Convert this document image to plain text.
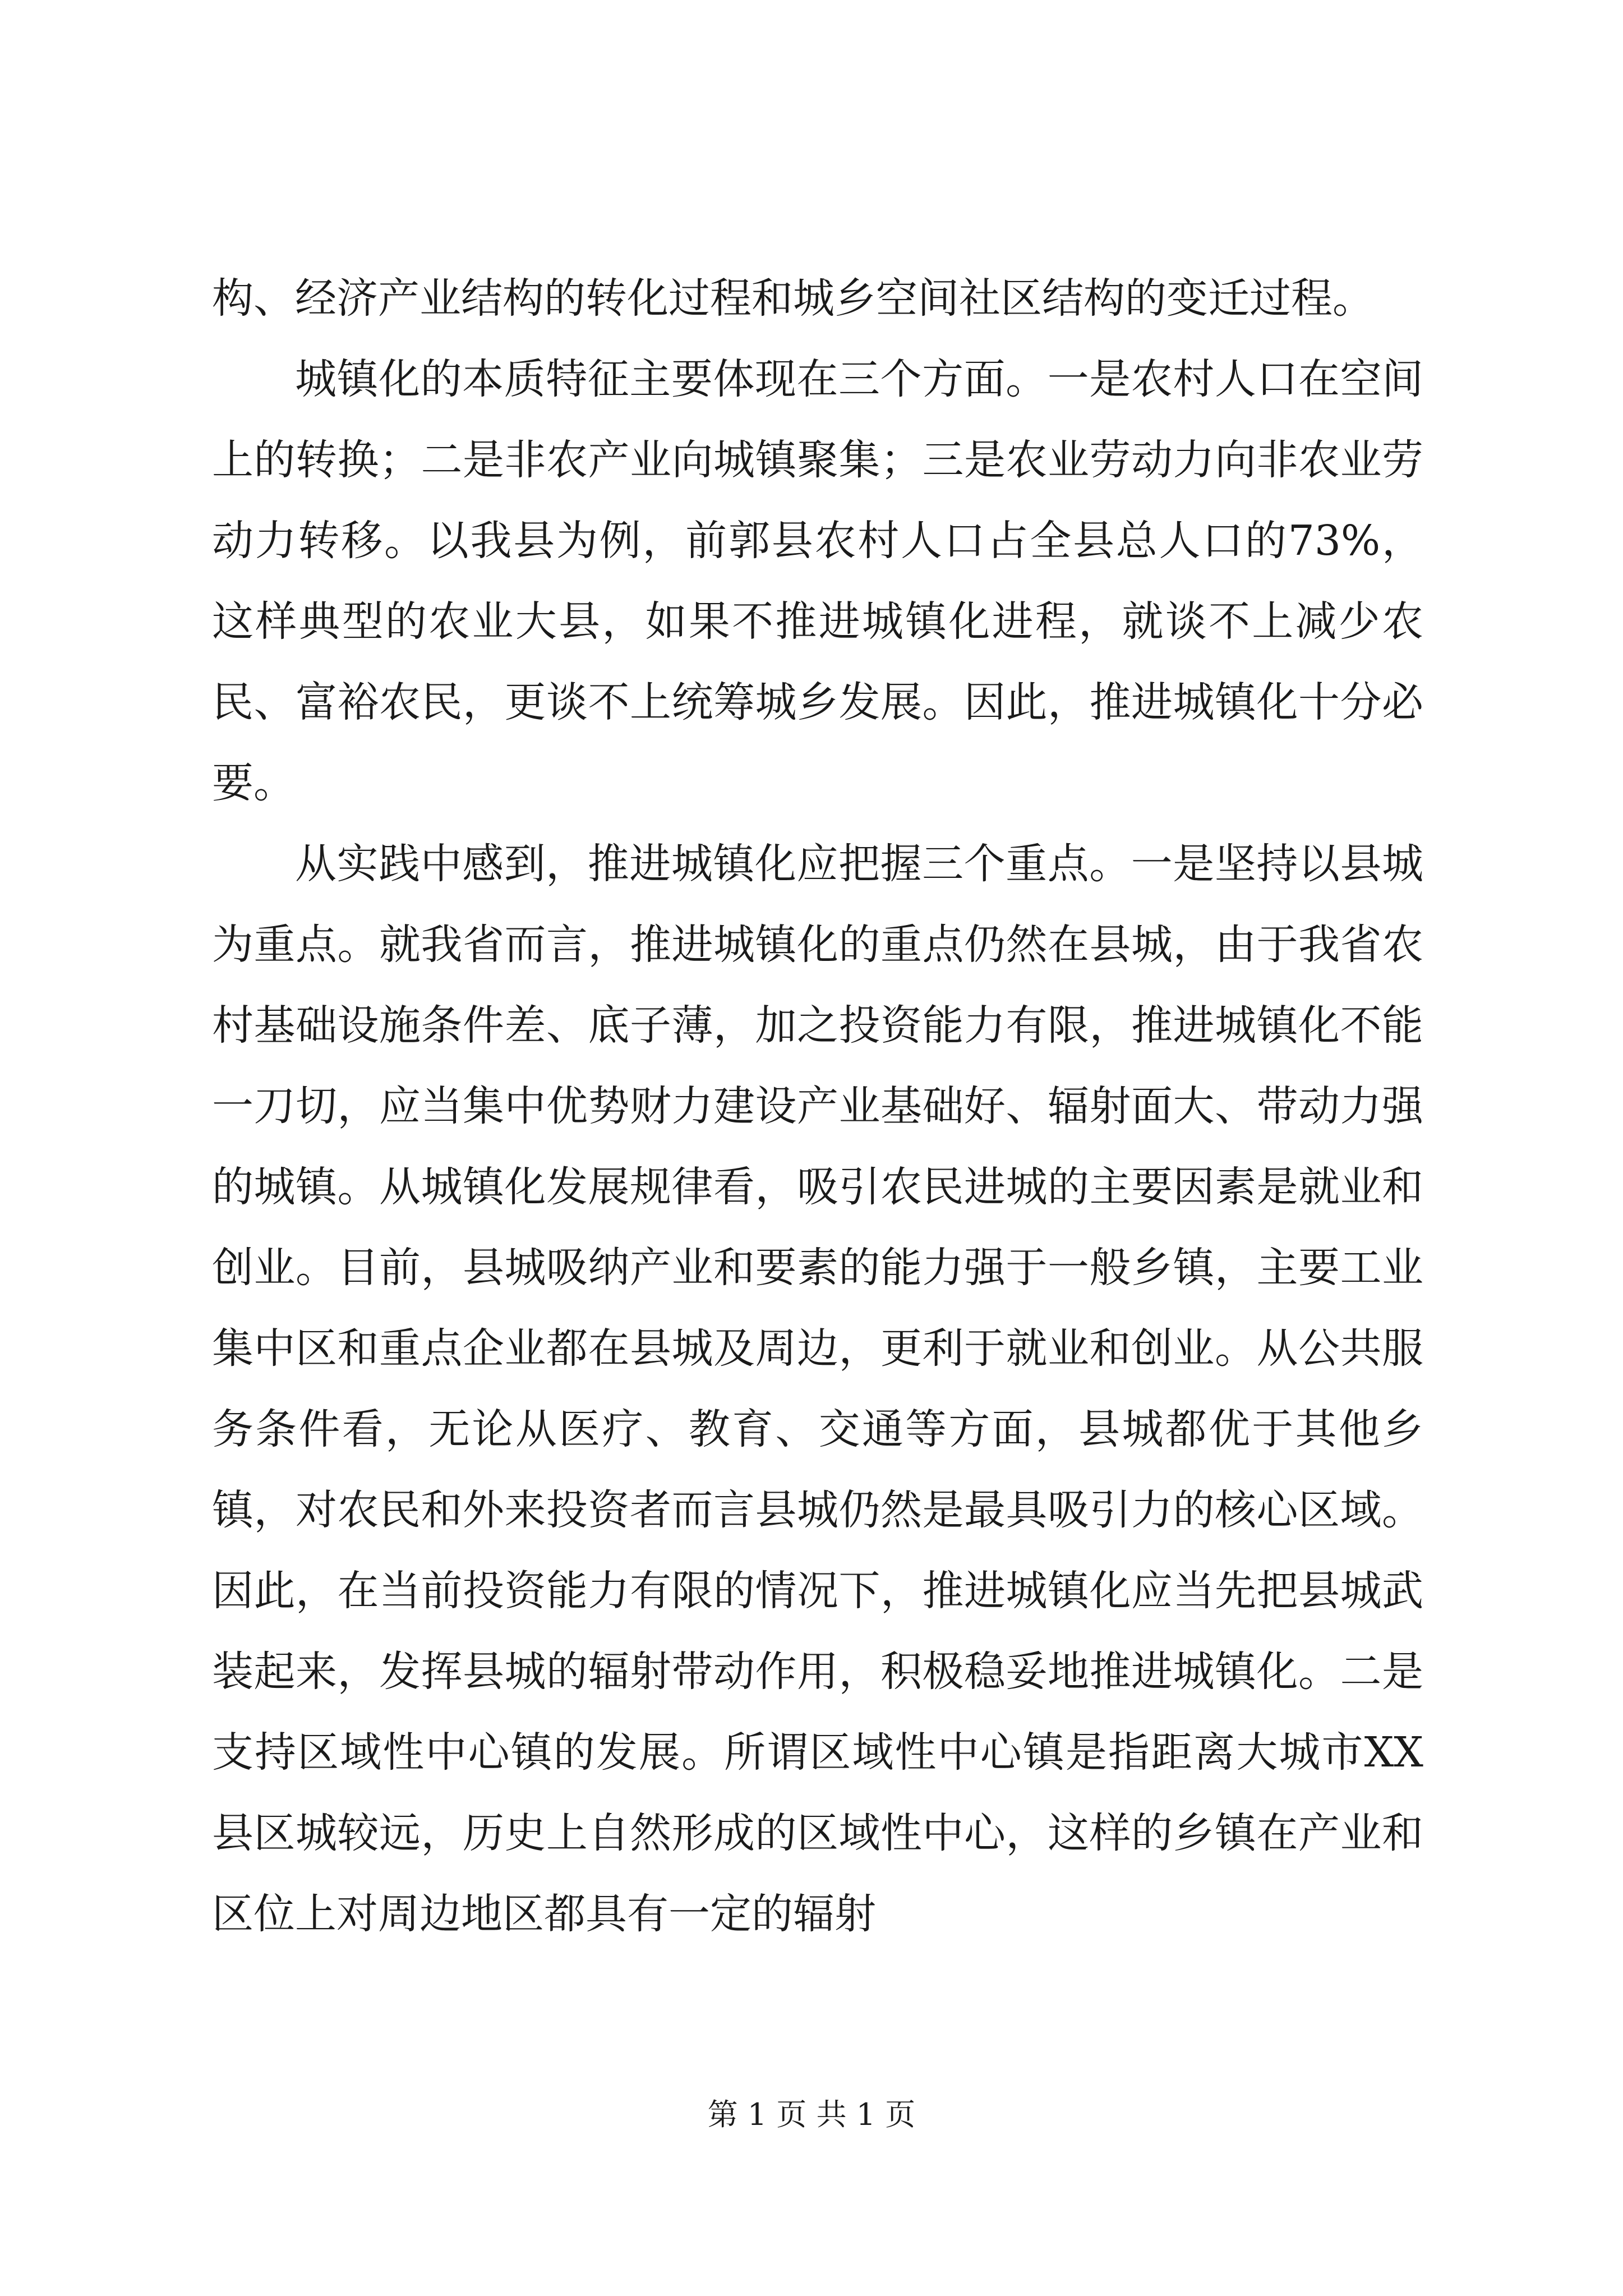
构、经济产业结构的转化过程和城乡空间社区结构的变迁过程。

城镇化的本质特征主要体现在三个方面。一是农村人口在空间上的转换；二是非农产业向城镇聚集；三是农业劳动力向非农业劳动力转移。以我县为例，前郭县农村人口占全县总人口的73%，这样典型的农业大县，如果不推进城镇化进程，就谈不上减少农民、富裕农民，更谈不上统筹城乡发展。因此，推进城镇化十分必要。

从实践中感到，推进城镇化应把握三个重点。一是坚持以县城为重点。就我省而言，推进城镇化的重点仍然在县城，由于我省农村基础设施条件差、底子薄，加之投资能力有限，推进城镇化不能一刀切，应当集中优势财力建设产业基础好、辐射面大、带动力强的城镇。从城镇化发展规律看，吸引农民进城的主要因素是就业和创业。目前，县城吸纳产业和要素的能力强于一般乡镇，主要工业集中区和重点企业都在县城及周边，更利于就业和创业。从公共服务条件看，无论从医疗、教育、交通等方面，县城都优于其他乡镇，对农民和外来投资者而言县城仍然是最具吸引力的核心区域。因此，在当前投资能力有限的情况下，推进城镇化应当先把县城武装起来，发挥县城的辐射带动作用，积极稳妥地推进城镇化。二是支持区域性中心镇的发展。所谓区域性中心镇是指距离大城市XX县区城较远，历史上自然形成的区域性中心，这样的乡镇在产业和区位上对周边地区都具有一定的辐射

第 1 页 共 1 页
